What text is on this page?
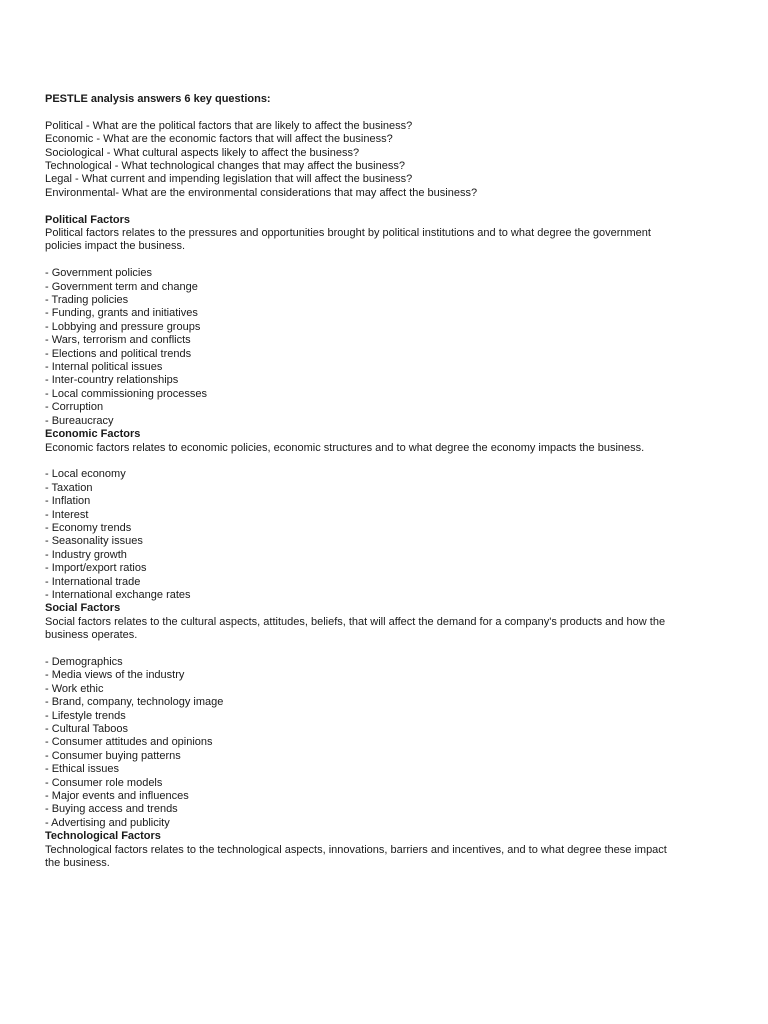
PESTLE analysis answers 6 key questions:

Political - What are the political factors that are likely to affect the business?

Economic - What are the economic factors that will affect the business?

Sociological - What cultural aspects likely to affect the business?

Technological - What technological changes that may affect the business?

Legal - What current and impending legislation that will affect the business?

Environmental- What are the environmental considerations that may affect the business?

Political Factors

Political factors relates to the pressures and opportunities brought by political institutions and to what degree the government policies impact the business.

- Government policies
- Government term and change
- Trading policies
- Funding, grants and initiatives
- Lobbying and pressure groups
- Wars, terrorism and conflicts
- Elections and political trends
- Internal political issues
- Inter-country relationships
- Local commissioning processes
- Corruption
- Bureaucracy

Economic Factors

Economic factors relates to economic policies, economic structures and to what degree the economy impacts the business.

- Local economy
- Taxation
- Inflation
- Interest
- Economy trends
- Seasonality issues
- Industry growth
- Import/export ratios
- International trade
- International exchange rates

Social Factors

Social factors relates to the cultural aspects, attitudes, beliefs, that will affect the demand for a company's products and how the business operates.

- Demographics
- Media views of the industry
- Work ethic
- Brand, company, technology image
- Lifestyle trends
- Cultural Taboos
- Consumer attitudes and opinions
- Consumer buying patterns
- Ethical issues
- Consumer role models
- Major events and influences
- Buying access and trends
- Advertising and publicity

Technological Factors

Technological factors relates to the technological aspects, innovations, barriers and incentives, and to what degree these impact the business.
